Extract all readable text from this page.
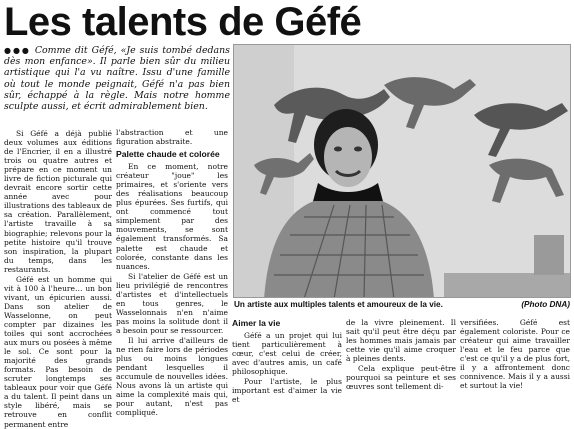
Les talents de Géfé
●●● Comme dit Géfé, «Je suis tombé dedans dès mon enfance». Il parle bien sûr du milieu artistique qui l'a vu naître. Issu d'une famille où tout le monde peignait, Géfé n'a pas bien sûr, échappé à la règle. Mais notre homme sculpte aussi, et écrit admirablement bien.

Si Géfé a déjà publié deux volumes aux éditions de l'Encrier, il en a illustré trois ou quatre autres et prépare en ce moment un livre de fiction picturale qui devrait encore sortir cette année avec pour illustrations des tableaux de sa création. Parallèlement, l'artiste travaille à sa biographie; relevons pour la petite histoire qu'il trouve son inspiration, la plupart du temps, dans les restaurants.

Géfé est un homme qui vit à 100 à l'heure… un bon vivant, un épicurien aussi. Dans son atelier de Wasselonne, on peut compter par dizaines les toiles qui sont accrochées aux murs ou posées à même le sol. Ce sont pour la majorité des grands formats. Pas besoin de scruter longtemps ses tableaux pour voir que Géfé a du talent. Il peint dans un style libéré, mais se retrouve en conflit permanent entre

l'abstraction et une figuration abstraite.

Palette chaude et colorée

En ce moment, notre créateur "joue" les primaires, et s'oriente vers des réalisations beaucoup plus épurées. Ses furtifs, qui ont commencé tout simplement par des mouvements, se sont également transformés. Sa palette est chaude et colorée, constante dans les nuances.

Si l'atelier de Géfé est un lieu privilégié de rencontres d'artistes et d'intellectuels en tous genres, le Wasselonnais n'en n'aime pas moins la solitude dont il a besoin pour se ressourcer.

Il lui arrive d'ailleurs de ne rien faire lors de périodes plus ou moins longues pendant lesquelles il accumule de nouvelles idées. Nous avons là un artiste qui aime la complexité mais qui, pour autant, n'est pas compliqué.

Un artiste aux multiples talents et amoureux de la vie.	(Photo DNA)
Aimer la vie

Géfé a un projet qui lui tient particulièrement à cœur, c'est celui de créer, avec d'autres amis, un café philosophique.

Pour l'artiste, le plus important est d'aimer la vie et

de la vivre pleinement. Il sait qu'il peut être déçu par les hommes mais jamais par cette vie qu'il aime croquer à pleines dents.

Cela explique peut-être pourquoi sa peinture et ses œuvres sont tellement di-

versifiées. Géfé est également coloriste. Pour ce créateur qui aime travailler l'eau et le feu parce que c'est ce qu'il y a de plus fort, il y a affrontement donc connivence. Mais il y a aussi et surtout la vie!
